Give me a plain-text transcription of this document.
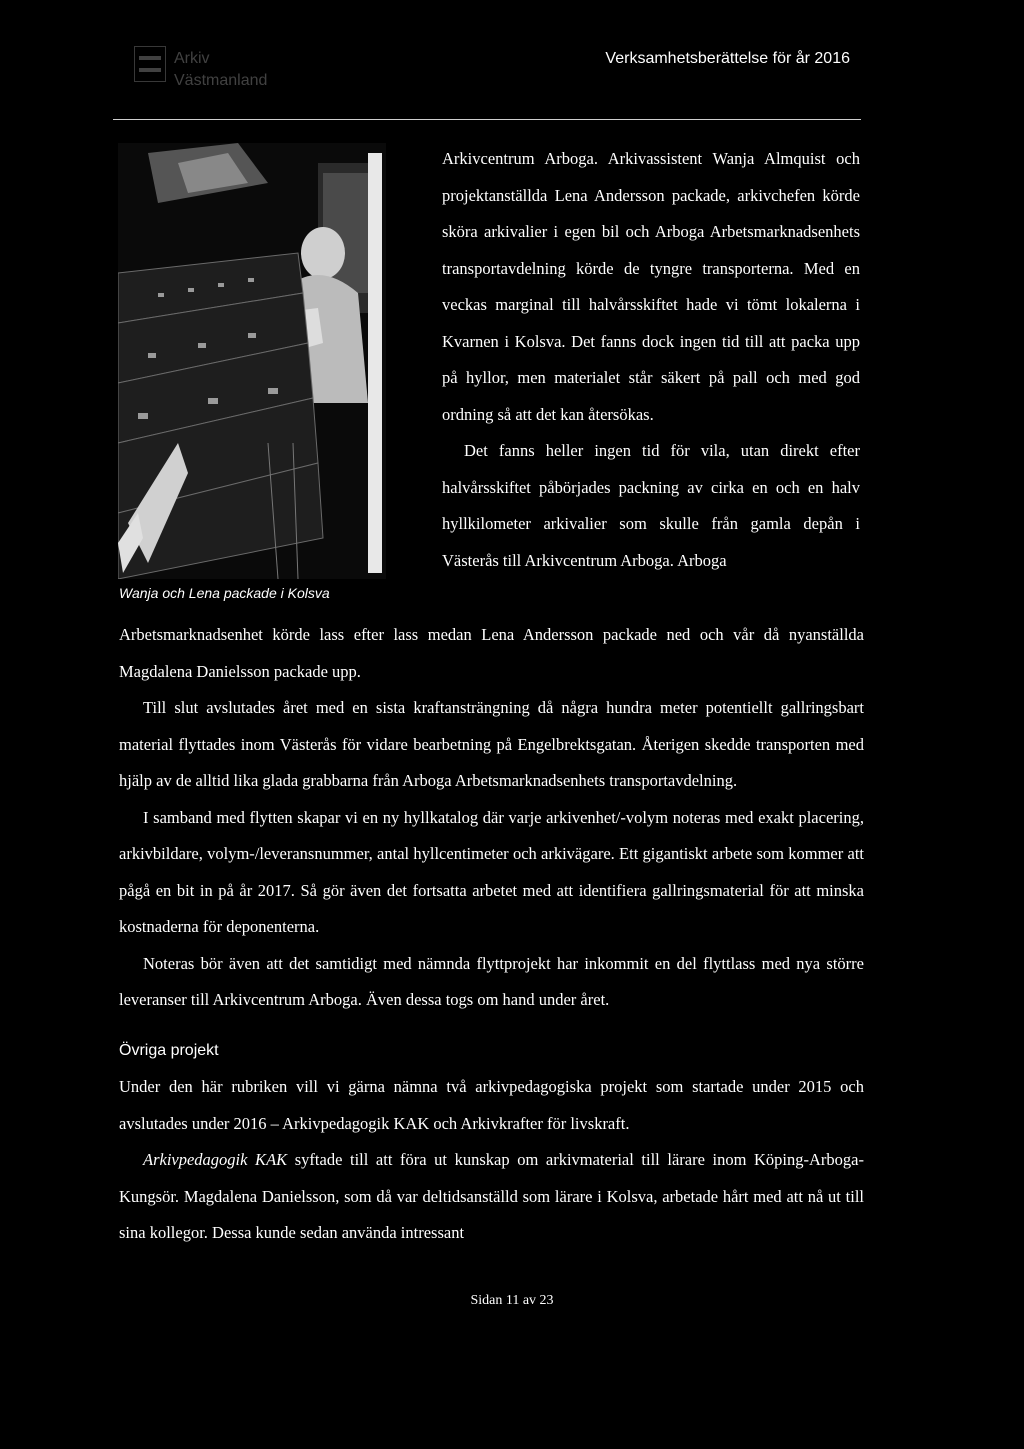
Arkiv
Västmanland
Verksamhetsberättelse för år 2016
Wanja och Lena packade i Kolsva

Arkivcentrum Arboga. Arkivassistent Wanja Almquist och projektanställda Lena Andersson packade, arkivchefen körde sköra arkivalier i egen bil och Arboga Arbetsmarknadsenhets transportavdelning körde de tyngre transporterna. Med en veckas marginal till halvårsskiftet hade vi tömt lokalerna i Kvarnen i Kolsva. Det fanns dock ingen tid till att packa upp på hyllor, men materialet står säkert på pall och med god ordning så att det kan återsökas.

Det fanns heller ingen tid för vila, utan direkt efter halvårsskiftet påbörjades packning av cirka en och en halv hyllkilometer arkivalier som skulle från gamla depån i Västerås till Arkivcentrum Arboga. Arboga

Arbetsmarknadsenhet körde lass efter lass medan Lena Andersson packade ned och vår då nyanställda Magdalena Danielsson packade upp.

Till slut avslutades året med en sista kraftansträngning då några hundra meter potentiellt gallringsbart material flyttades inom Västerås för vidare bearbetning på Engelbrektsgatan. Återigen skedde transporten med hjälp av de alltid lika glada grabbarna från Arboga Arbetsmarknadsenhets transportavdelning.

I samband med flytten skapar vi en ny hyllkatalog där varje arkivenhet/-volym noteras med exakt placering, arkivbildare, volym-/leveransnummer, antal hyllcentimeter och arkivägare. Ett gigantiskt arbete som kommer att pågå en bit in på år 2017. Så gör även det fortsatta arbetet med att identifiera gallringsmaterial för att minska kostnaderna för deponenterna.

Noteras bör även att det samtidigt med nämnda flyttprojekt har inkommit en del flyttlass med nya större leveranser till Arkivcentrum Arboga. Även dessa togs om hand under året.

Övriga projekt

Under den här rubriken vill vi gärna nämna två arkivpedagogiska projekt som startade under 2015 och avslutades under 2016 – Arkivpedagogik KAK och Arkivkrafter för livskraft.

Arkivpedagogik KAK syftade till att föra ut kunskap om arkivmaterial till lärare inom Köping-Arboga-Kungsör. Magdalena Danielsson, som då var deltidsanställd som lärare i Kolsva, arbetade hårt med att nå ut till sina kollegor. Dessa kunde sedan använda intressant

Sidan 11 av 23
